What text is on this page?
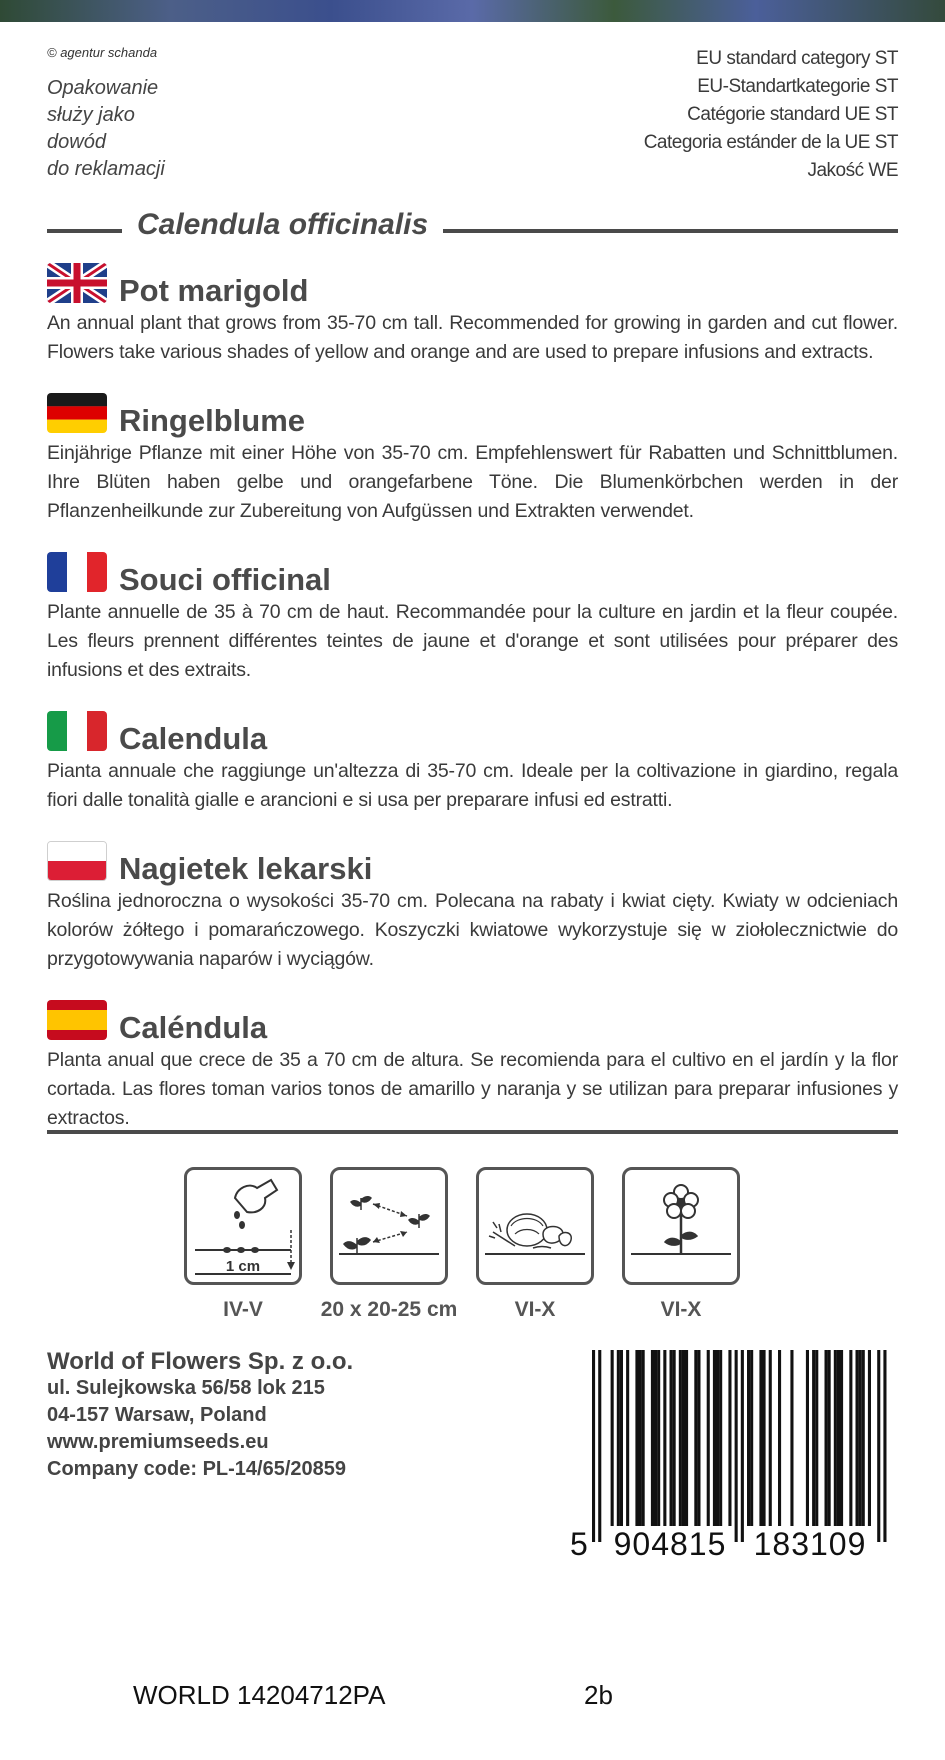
© agentur schanda
Opakowanie
służy jako
dowód
do reklamacji
EU standard category ST
EU-Standartkategorie ST
Catégorie standard UE ST
Categoria estánder de la UE ST
Jakość WE
Calendula officinalis
Pot marigold
An annual plant that grows from 35-70 cm tall. Recommended for growing in garden and cut flower. Flowers take various shades of yellow and orange and are used to prepare infusions and extracts.
Ringelblume
Einjährige Pflanze mit einer Höhe von 35-70 cm. Empfehlenswert für Rabatten und Schnittblumen. Ihre Blüten haben gelbe und orangefarbene Töne. Die Blumenkörbchen werden in der Pflanzenheilkunde zur Zubereitung von Aufgüssen und Extrakten verwendet.
Souci officinal
Plante annuelle de 35 à 70 cm de haut. Recommandée pour la culture en jardin et la fleur coupée. Les fleurs prennent différentes teintes de jaune et d'orange et sont utilisées pour préparer des infusions et des extraits.
Calendula
Pianta annuale che raggiunge un'altezza di 35-70 cm. Ideale per la coltivazione in giardino, regala fiori dalle tonalità gialle e arancioni e si usa per preparare infusi ed estratti.
Nagietek lekarski
Roślina jednoroczna o wysokości 35-70 cm. Polecana na rabaty i kwiat cięty. Kwiaty w odcieniach kolorów żółtego i pomarańczowego. Koszyczki kwiatowe wykorzystuje się w ziołolecznictwie do przygotowywania naparów i wyciągów.
Caléndula
Planta anual que crece de 35 a 70 cm de altura. Se recomienda para el cultivo en el jardín y la flor cortada. Las flores toman varios tonos de amarillo y naranja y se utilizan para preparar infusiones y extractos.
1 cm
IV-V	20 x 20-25 cm	VI-X	VI-X
World of Flowers Sp. z o.o.
ul. Sulejkowska 56/58 lok 215
04-157 Warsaw, Poland
www.premiumseeds.eu
Company code: PL-14/65/20859
5 904815 183109
WORLD 14204712PA	2b
